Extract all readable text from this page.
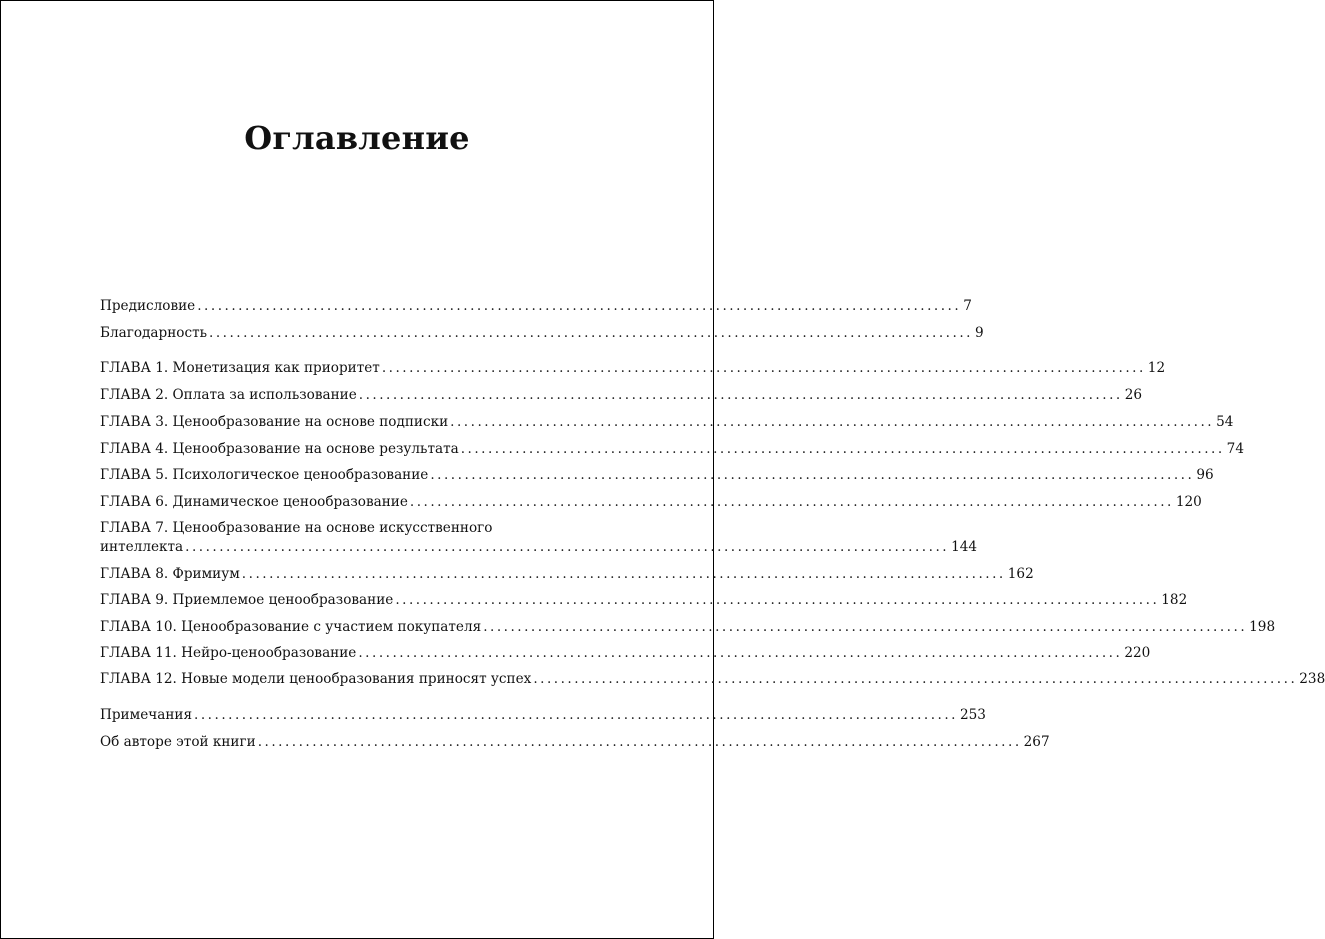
Оглавление
Предисловие ................................................................................................................ 7
Благодарность ................................................................................................................ 9
ГЛАВА 1. Монетизация как приоритет ................................................................................................................ 12
ГЛАВА 2. Оплата за использование ................................................................................................................ 26
ГЛАВА 3. Ценообразование на основе подписки ................................................................................................................ 54
ГЛАВА 4. Ценообразование на основе результата ................................................................................................................ 74
ГЛАВА 5. Психологическое ценообразование ................................................................................................................ 96
ГЛАВА 6. Динамическое ценообразование ................................................................................................................ 120
ГЛАВА 7. Ценообразование на основе искусственного
интеллекта ................................................................................................................ 144
ГЛАВА 8. Фримиум ................................................................................................................ 162
ГЛАВА 9. Приемлемое ценообразование ................................................................................................................ 182
ГЛАВА 10. Ценообразование с участием покупателя ................................................................................................................ 198
ГЛАВА 11. Нейро-ценообразование ................................................................................................................ 220
ГЛАВА 12. Новые модели ценообразования приносят успех ................................................................................................................ 238
Примечания ................................................................................................................ 253
Об авторе этой книги ................................................................................................................ 267
